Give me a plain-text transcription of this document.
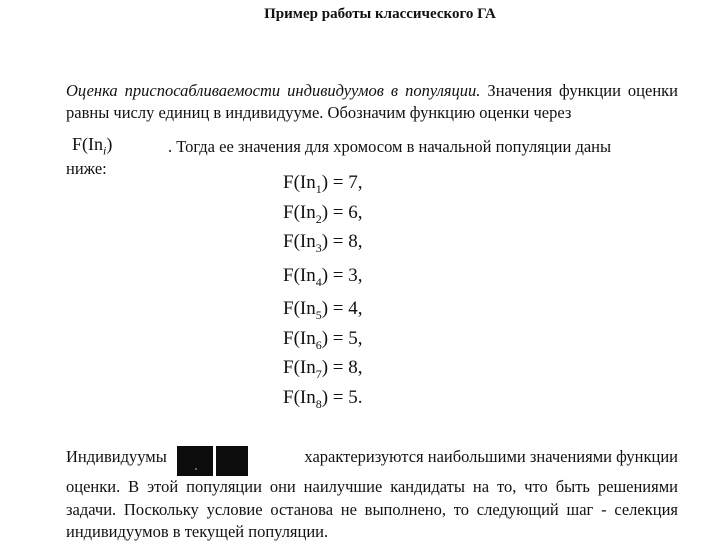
Пример работы классического ГА
Оценка приспосабливаемости индивидуумов в популяции. Значения функции оценки равны числу единиц в индивидууме. Обозначим функцию оценки через
$F(In_i)$	. Тогда ее значения для хромосом в начальной популяции даны
ниже:
$F(In_1) = 7$,
$F(In_2) = 6$,
$F(In_3) = 8$,
$F(In_4) = 3$,
$F(In_5) = 4$,
$F(In_6) = 5$,
$F(In_7) = 8$,
$F(In_8) = 5$.
Индивидуумы	характеризуются наибольшими значениями функции
оценки. В этой популяции они наилучшие кандидаты на то, что быть решениями задачи. Поскольку условие останова не выполнено, то следующий шаг - селекция индивидуумов в текущей популяции.
